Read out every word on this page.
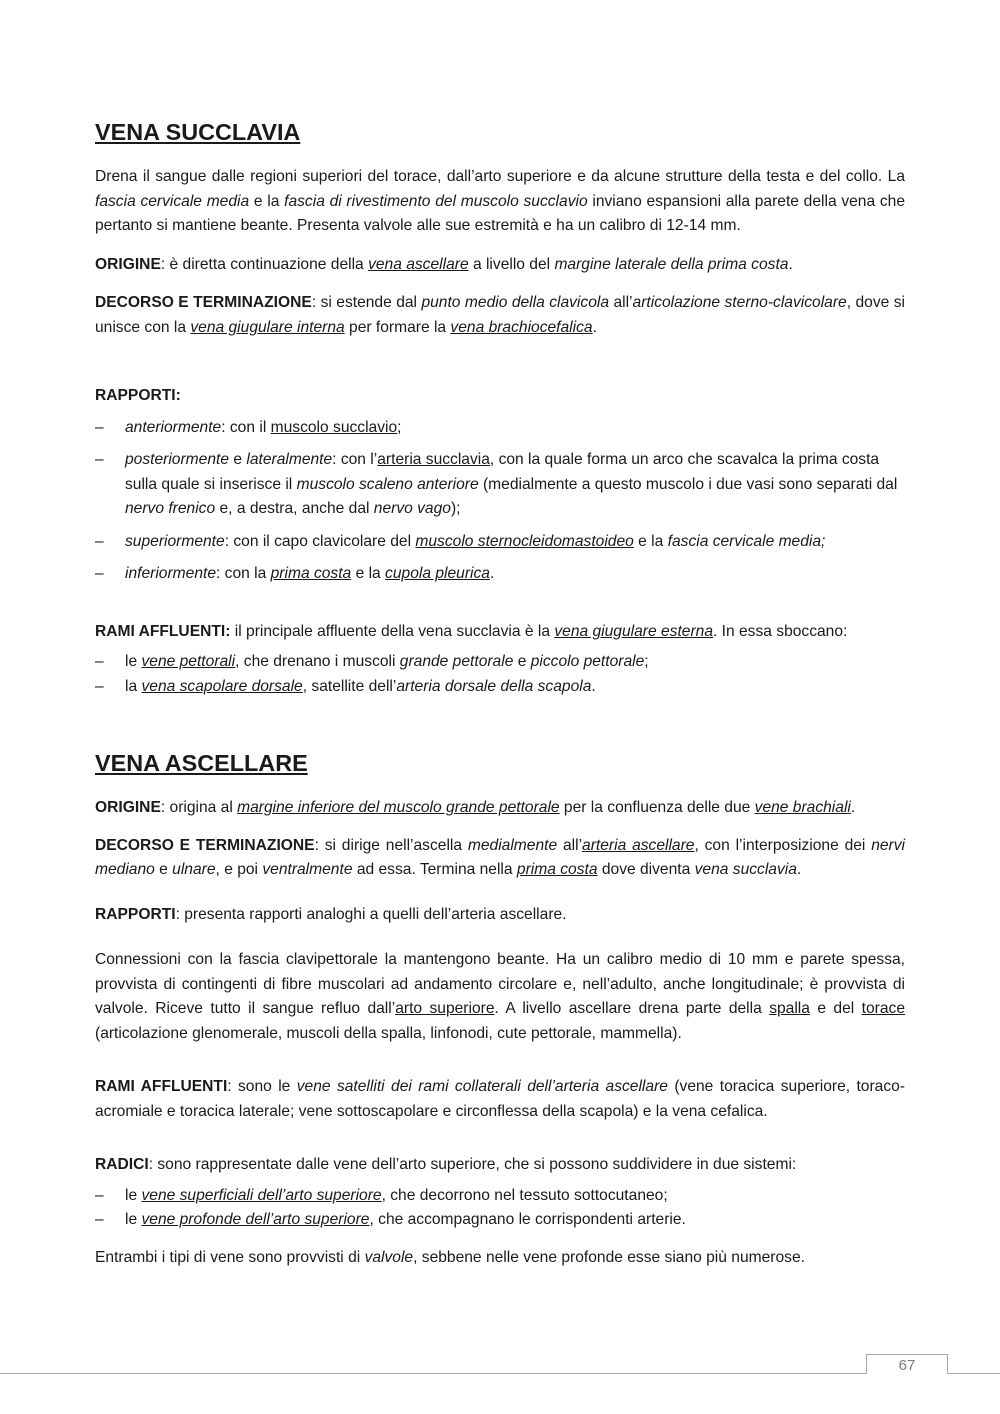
VENA SUCCLAVIA

Drena il sangue dalle regioni superiori del torace, dall’arto superiore e da alcune strutture della testa e del collo. La fascia cervicale media e la fascia di rivestimento del muscolo succlavio inviano espansioni alla parete della vena che pertanto si mantiene beante. Presenta valvole alle sue estremità e ha un calibro di 12-14 mm.

ORIGINE: è diretta continuazione della vena ascellare a livello del margine laterale della prima costa.

DECORSO E TERMINAZIONE: si estende dal punto medio della clavicola all’articolazione sterno-clavicolare, dove si unisce con la vena giugulare interna per formare la vena brachiocefalica.

RAPPORTI:

– anteriormente: con il muscolo succlavio;
– posteriormente e lateralmente: con l’arteria succlavia, con la quale forma un arco che scavalca la prima costa sulla quale si inserisce il muscolo scaleno anteriore (medialmente a questo muscolo i due vasi sono separati dal nervo frenico e, a destra, anche dal nervo vago);
– superiormente: con il capo clavicolare del muscolo sternocleidomastoideo e la fascia cervicale media;
– inferiormente: con la prima costa e la cupola pleurica.

RAMI AFFLUENTI: il principale affluente della vena succlavia è la vena giugulare esterna. In essa sboccano:

– le vene pettorali, che drenano i muscoli grande pettorale e piccolo pettorale;
– la vena scapolare dorsale, satellite dell’arteria dorsale della scapola.
VENA ASCELLARE

ORIGINE: origina al margine inferiore del muscolo grande pettorale per la confluenza delle due vene brachiali.

DECORSO E TERMINAZIONE: si dirige nell’ascella medialmente all’arteria ascellare, con l’interposizione dei nervi mediano e ulnare, e poi ventralmente ad essa. Termina nella prima costa dove diventa vena succlavia.

RAPPORTI: presenta rapporti analoghi a quelli dell’arteria ascellare.

Connessioni con la fascia clavipettorale la mantengono beante. Ha un calibro medio di 10 mm e parete spessa, provvista di contingenti di fibre muscolari ad andamento circolare e, nell’adulto, anche longitudinale; è provvista di valvole. Riceve tutto il sangue refluo dall’arto superiore. A livello ascellare drena parte della spalla e del torace (articolazione glenomerale, muscoli della spalla, linfonodi, cute pettorale, mammella).

RAMI AFFLUENTI: sono le vene satelliti dei rami collaterali dell’arteria ascellare (vene toracica superiore, toraco-acromiale e toracica laterale; vene sottoscapolare e circonflessa della scapola) e la vena cefalica.

RADICI: sono rappresentate dalle vene dell’arto superiore, che si possono suddividere in due sistemi:

– le vene superficiali dell’arto superiore, che decorrono nel tessuto sottocutaneo;
– le vene profonde dell’arto superiore, che accompagnano le corrispondenti arterie.

Entrambi i tipi di vene sono provvisti di valvole, sebbene nelle vene profonde esse siano più numerose.

67
